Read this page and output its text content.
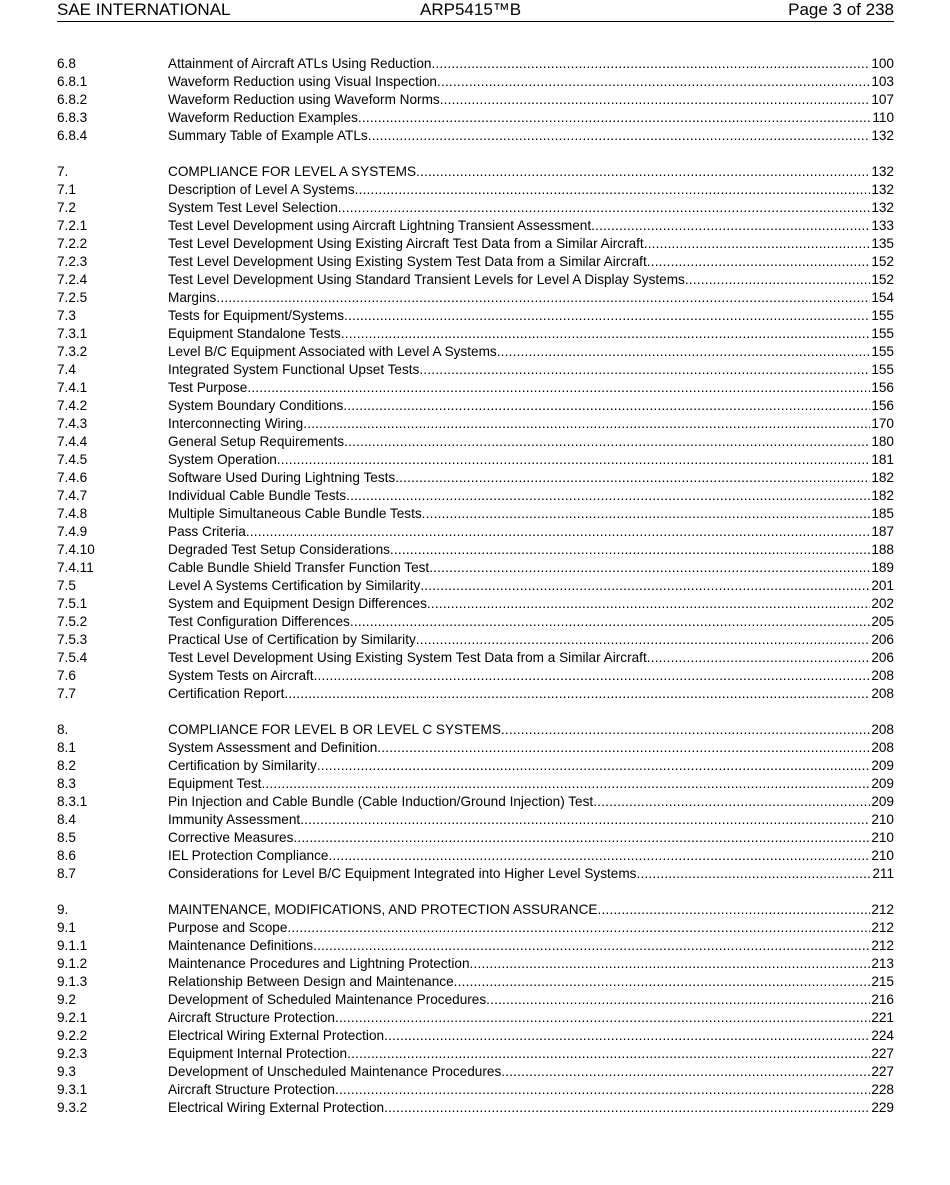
SAE INTERNATIONAL	ARP5415™B	Page 3 of 238
6.8	Attainment of Aircraft ATLs Using Reduction .....	100
6.8.1	Waveform Reduction using Visual Inspection .....	103
6.8.2	Waveform Reduction using Waveform Norms .....	107
6.8.3	Waveform Reduction Examples .....	110
6.8.4	Summary Table of Example ATLs .....	132
7.	COMPLIANCE FOR LEVEL A SYSTEMS .....	132
7.1	Description of Level A Systems .....	132
7.2	System Test Level Selection .....	132
7.2.1	Test Level Development using Aircraft Lightning Transient Assessment .....	133
7.2.2	Test Level Development Using Existing Aircraft Test Data from a Similar Aircraft .....	135
7.2.3	Test Level Development Using Existing System Test Data from a Similar Aircraft .....	152
7.2.4	Test Level Development Using Standard Transient Levels for Level A Display Systems .....	152
7.2.5	Margins .....	154
7.3	Tests for Equipment/Systems .....	155
7.3.1	Equipment Standalone Tests .....	155
7.3.2	Level B/C Equipment Associated with Level A Systems .....	155
7.4	Integrated System Functional Upset Tests .....	155
7.4.1	Test Purpose .....	156
7.4.2	System Boundary Conditions .....	156
7.4.3	Interconnecting Wiring .....	170
7.4.4	General Setup Requirements .....	180
7.4.5	System Operation .....	181
7.4.6	Software Used During Lightning Tests .....	182
7.4.7	Individual Cable Bundle Tests .....	182
7.4.8	Multiple Simultaneous Cable Bundle Tests .....	185
7.4.9	Pass Criteria .....	187
7.4.10	Degraded Test Setup Considerations .....	188
7.4.11	Cable Bundle Shield Transfer Function Test .....	189
7.5	Level A Systems Certification by Similarity .....	201
7.5.1	System and Equipment Design Differences .....	202
7.5.2	Test Configuration Differences .....	205
7.5.3	Practical Use of Certification by Similarity .....	206
7.5.4	Test Level Development Using Existing System Test Data from a Similar Aircraft .....	206
7.6	System Tests on Aircraft .....	208
7.7	Certification Report .....	208
8.	COMPLIANCE FOR LEVEL B OR LEVEL C SYSTEMS .....	208
8.1	System Assessment and Definition .....	208
8.2	Certification by Similarity .....	209
8.3	Equipment Test .....	209
8.3.1	Pin Injection and Cable Bundle (Cable Induction/Ground Injection) Test .....	209
8.4	Immunity Assessment .....	210
8.5	Corrective Measures .....	210
8.6	IEL Protection Compliance .....	210
8.7	Considerations for Level B/C Equipment Integrated into Higher Level Systems .....	211
9.	MAINTENANCE, MODIFICATIONS, AND PROTECTION ASSURANCE .....	212
9.1	Purpose and Scope .....	212
9.1.1	Maintenance Definitions .....	212
9.1.2	Maintenance Procedures and Lightning Protection .....	213
9.1.3	Relationship Between Design and Maintenance .....	215
9.2	Development of Scheduled Maintenance Procedures .....	216
9.2.1	Aircraft Structure Protection .....	221
9.2.2	Electrical Wiring External Protection .....	224
9.2.3	Equipment Internal Protection .....	227
9.3	Development of Unscheduled Maintenance Procedures .....	227
9.3.1	Aircraft Structure Protection .....	228
9.3.2	Electrical Wiring External Protection .....	229
